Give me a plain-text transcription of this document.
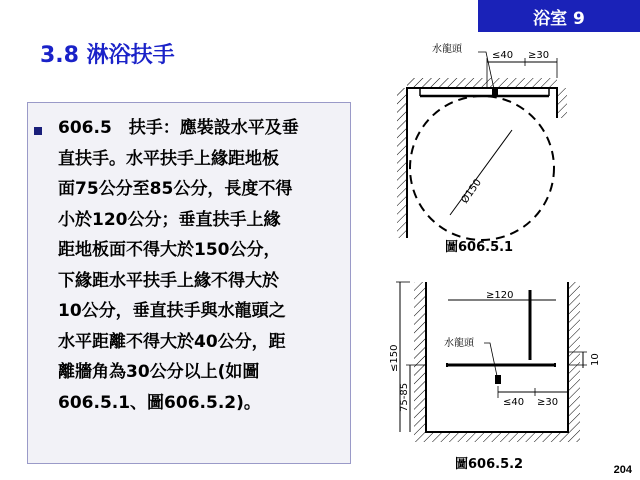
浴室 9
3.8 淋浴扶手
606.5　扶手：應裝設水平及垂
直扶手。水平扶手上緣距地板
面75公分至85公分，長度不得
小於120公分；垂直扶手上緣
距地板面不得大於150公分，
下緣距水平扶手上緣不得大於
10公分，垂直扶手與水龍頭之
水平距離不得大於40公分，距
離牆角為30公分以上(如圖
606.5.1、圖606.5.2)。
水龍頭
≤40 ≥30
Ø150
≥120
水龍頭
≤150
75-85
10
≤40 ≥30
圖606.5.1
圖606.5.2	204
